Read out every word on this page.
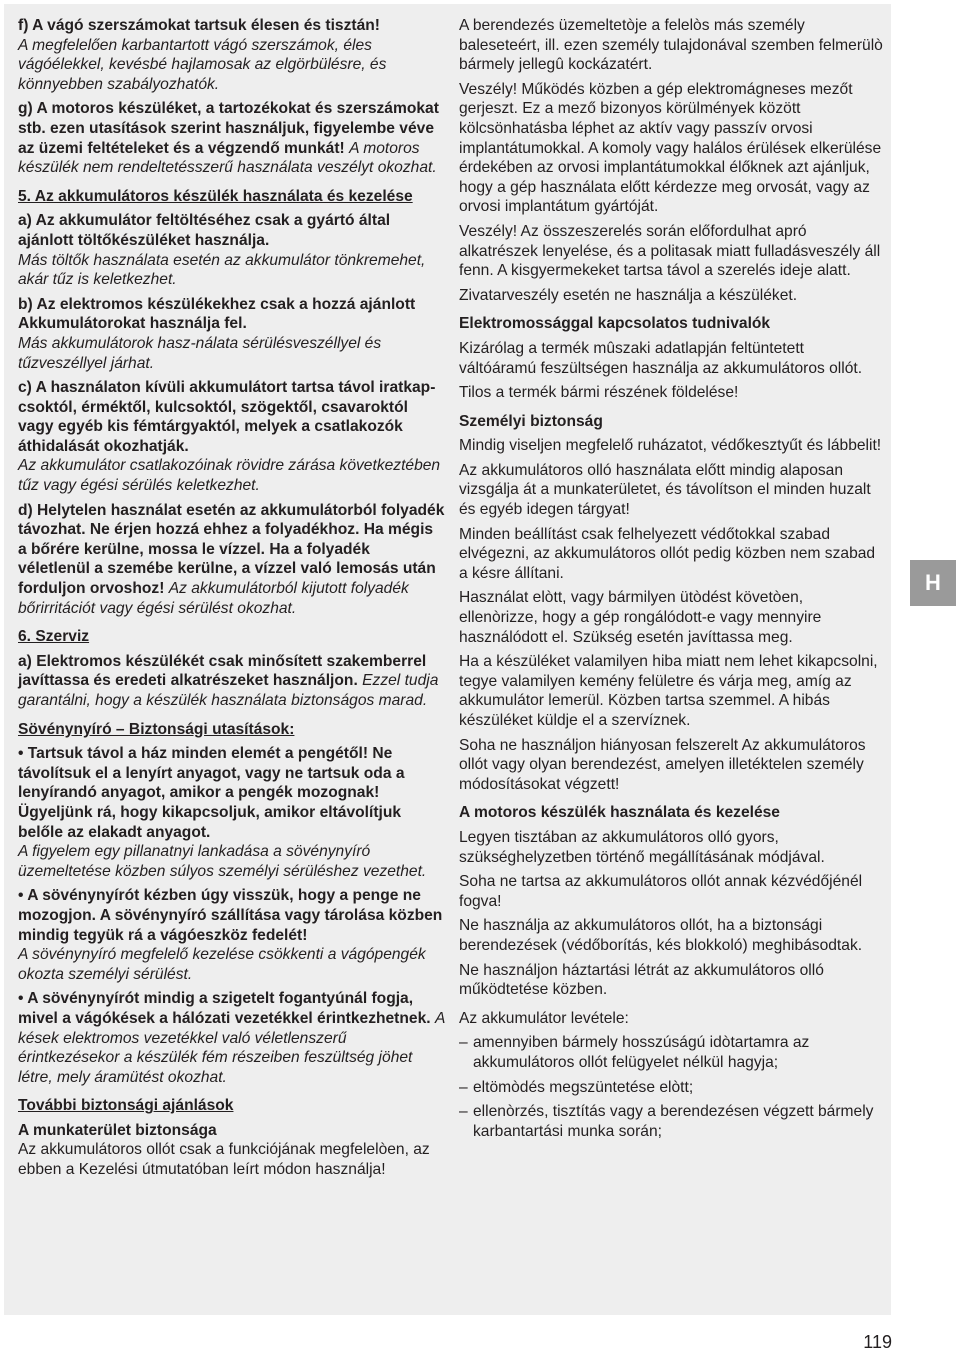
f) A vágó szerszámokat tartsuk élesen és tisztán!
A megfelelően karbantartott vágó szerszámok, éles vágóélekkel, kevésbé hajlamosak az elgörbülésre, és könnyebben szabályozhatók.

g) A motoros készüléket, a tartozékokat és szerszámokat stb. ezen utasítások szerint használjuk, figyelembe véve az üzemi feltételeket és a végzendő munkát! A motoros készülék nem rendeltetésszerű használata veszélyt okozhat.

5. Az akkumulátoros készülék használata és kezelése

a) Az akkumulátor feltöltéséhez csak a gyártó által ajánlott töltőkészüléket használja.
Más töltők használata esetén az akkumulátor tönkremehet, akár tűz is keletkezhet.

b) Az elektromos készülékekhez csak a hozzá ajánlott Akkumulátorokat használja fel.
Más akkumulátorok hasz-nálata sérülésveszéllyel és tűzveszéllyel járhat.

c) A használaton kívüli akkumulátort tartsa távol iratkap-csoktól, érméktől, kulcsoktól, szögektől, csavaroktól vagy egyéb kis fémtárgyaktól, melyek a csatlakozók áthidalását okozhatják.
Az akkumulátor csatlakozóinak rövidre zárása következtében tűz vagy égési sérülés keletkezhet.

d) Helytelen használat esetén az akkumulátorból folyadék távozhat. Ne érjen hozzá ehhez a folyadékhoz. Ha mégis a bőrére kerülne, mossa le vízzel. Ha a folyadék véletlenül a szemébe kerülne, a vízzel való lemosás után forduljon orvoshoz! Az akkumulátorból kijutott folyadék bőrirritációt vagy égési sérülést okozhat.

6. Szerviz

a) Elektromos készülékét csak minősített szakemberrel javíttassa és eredeti alkatrészeket használjon. Ezzel tudja garantálni, hogy a készülék használata biztonságos marad.

Sövénynyíró – Biztonsági utasítások:

• Tartsuk távol a ház minden elemét a pengétől! Ne távolítsuk el a lenyírt anyagot, vagy ne tartsuk oda a lenyírandó anyagot, amikor a pengék mozognak! Ügyeljünk rá, hogy kikapcsoljuk, amikor eltávolítjuk belőle az elakadt anyagot.
A figyelem egy pillanatnyi lankadása a sövénynyíró üzemeltetése közben súlyos személyi sérüléshez vezethet.

• A sövénynyírót kézben úgy visszük, hogy a penge ne mozogjon. A sövénynyíró szállítása vagy tárolása közben mindig tegyük rá a vágóeszköz fedelét!
A sövénynyíró megfelelő kezelése csökkenti a vágópengék okozta személyi sérülést.

• A sövénynyírót mindig a szigetelt fogantyúnál fogja, mivel a vágókések a hálózati vezetékkel érintkezhetnek. A kések elektromos vezetékkel való véletlenszerű érintkezésekor a készülék fém részeiben feszültség jöhet létre, mely áramütést okozhat.

További biztonsági ajánlások

A munkaterület biztonsága

Az akkumulátoros ollót csak a funkciójának megfelelòen, az ebben a Kezelési útmutatóban leírt módon használja!

A berendezés üzemeltetòje a felelòs más személy baleseteért, ill. ezen személy tulajdonával szemben felmerülò bármely jellegû kockázatért.

Veszély! Működés közben a gép elektromágneses mezőt gerjeszt. Ez a mező bizonyos körülmények között kölcsönhatásba léphet az aktív vagy passzív orvosi implantátumokkal. A komoly vagy halálos érülések elkerülése érdekében az orvosi implantátumokkal élőknek azt ajánljuk, hogy a gép használata előtt kérdezze meg orvosát, vagy az orvosi implantátum gyártóját.

Veszély! Az összeszerelés során előfordulhat apró alkatrészek lenyelése, és a politasak miatt fulladásveszély áll fenn. A kisgyermekeket tartsa távol a szerelés ideje alatt.

Zivatarveszély esetén ne használja a készüléket.

Elektromossággal kapcsolatos tudnivalók

Kizárólag a termék mûszaki adatlapján feltüntetett váltóáramú feszültségen használja az akkumulátoros ollót.

Tilos a termék bármi részének földelése!

Személyi biztonság

Mindig viseljen megfelelő ruházatot, védőkesztyűt és lábbelit!

Az akkumulátoros olló használata előtt mindig alaposan vizsgálja át a munkaterületet, és távolítson el minden huzalt és egyéb idegen tárgyat!

Minden beállítást csak felhelyezett védőtokkal szabad elvégezni, az akkumulátoros ollót pedig közben nem szabad a késre állítani.

Használat elòtt, vagy bármilyen ütòdést követòen, ellenòrizze, hogy a gép rongálódott-e vagy mennyire használódott el. Szükség esetén javíttassa meg.

Ha a készüléket valamilyen hiba miatt nem lehet kikapcsolni, tegye valamilyen kemény felületre és várja meg, amíg az akkumulátor lemerül. Közben tartsa szemmel. A hibás készüléket küldje el a szervíznek.

Soha ne használjon hiányosan felszerelt Az akkumulátoros ollót vagy olyan berendezést, amelyen illetéktelen személy módosításokat végzett!

A motoros készülék használata és kezelése

Legyen tisztában az akkumulátoros olló gyors, szükséghelyzetben történő megállításának módjával.

Soha ne tartsa az akkumulátoros ollót annak kézvédőjénél fogva!

Ne használja az akkumulátoros ollót, ha a biztonsági berendezések (védőborítás, kés blokkoló) meghibásodtak.

Ne használjon háztartási létrát az akkumulátoros olló működtetése közben.

Az akkumulátor levétele:

– amennyiben bármely hosszúságú idòtartamra az akkumulátoros ollót felügyelet nélkül hagyja;

– eltömòdés megszüntetése elòtt;

– ellenòrzés, tisztítás vagy a berendezésen végzett bármely karbantartási munka során;

H
119
